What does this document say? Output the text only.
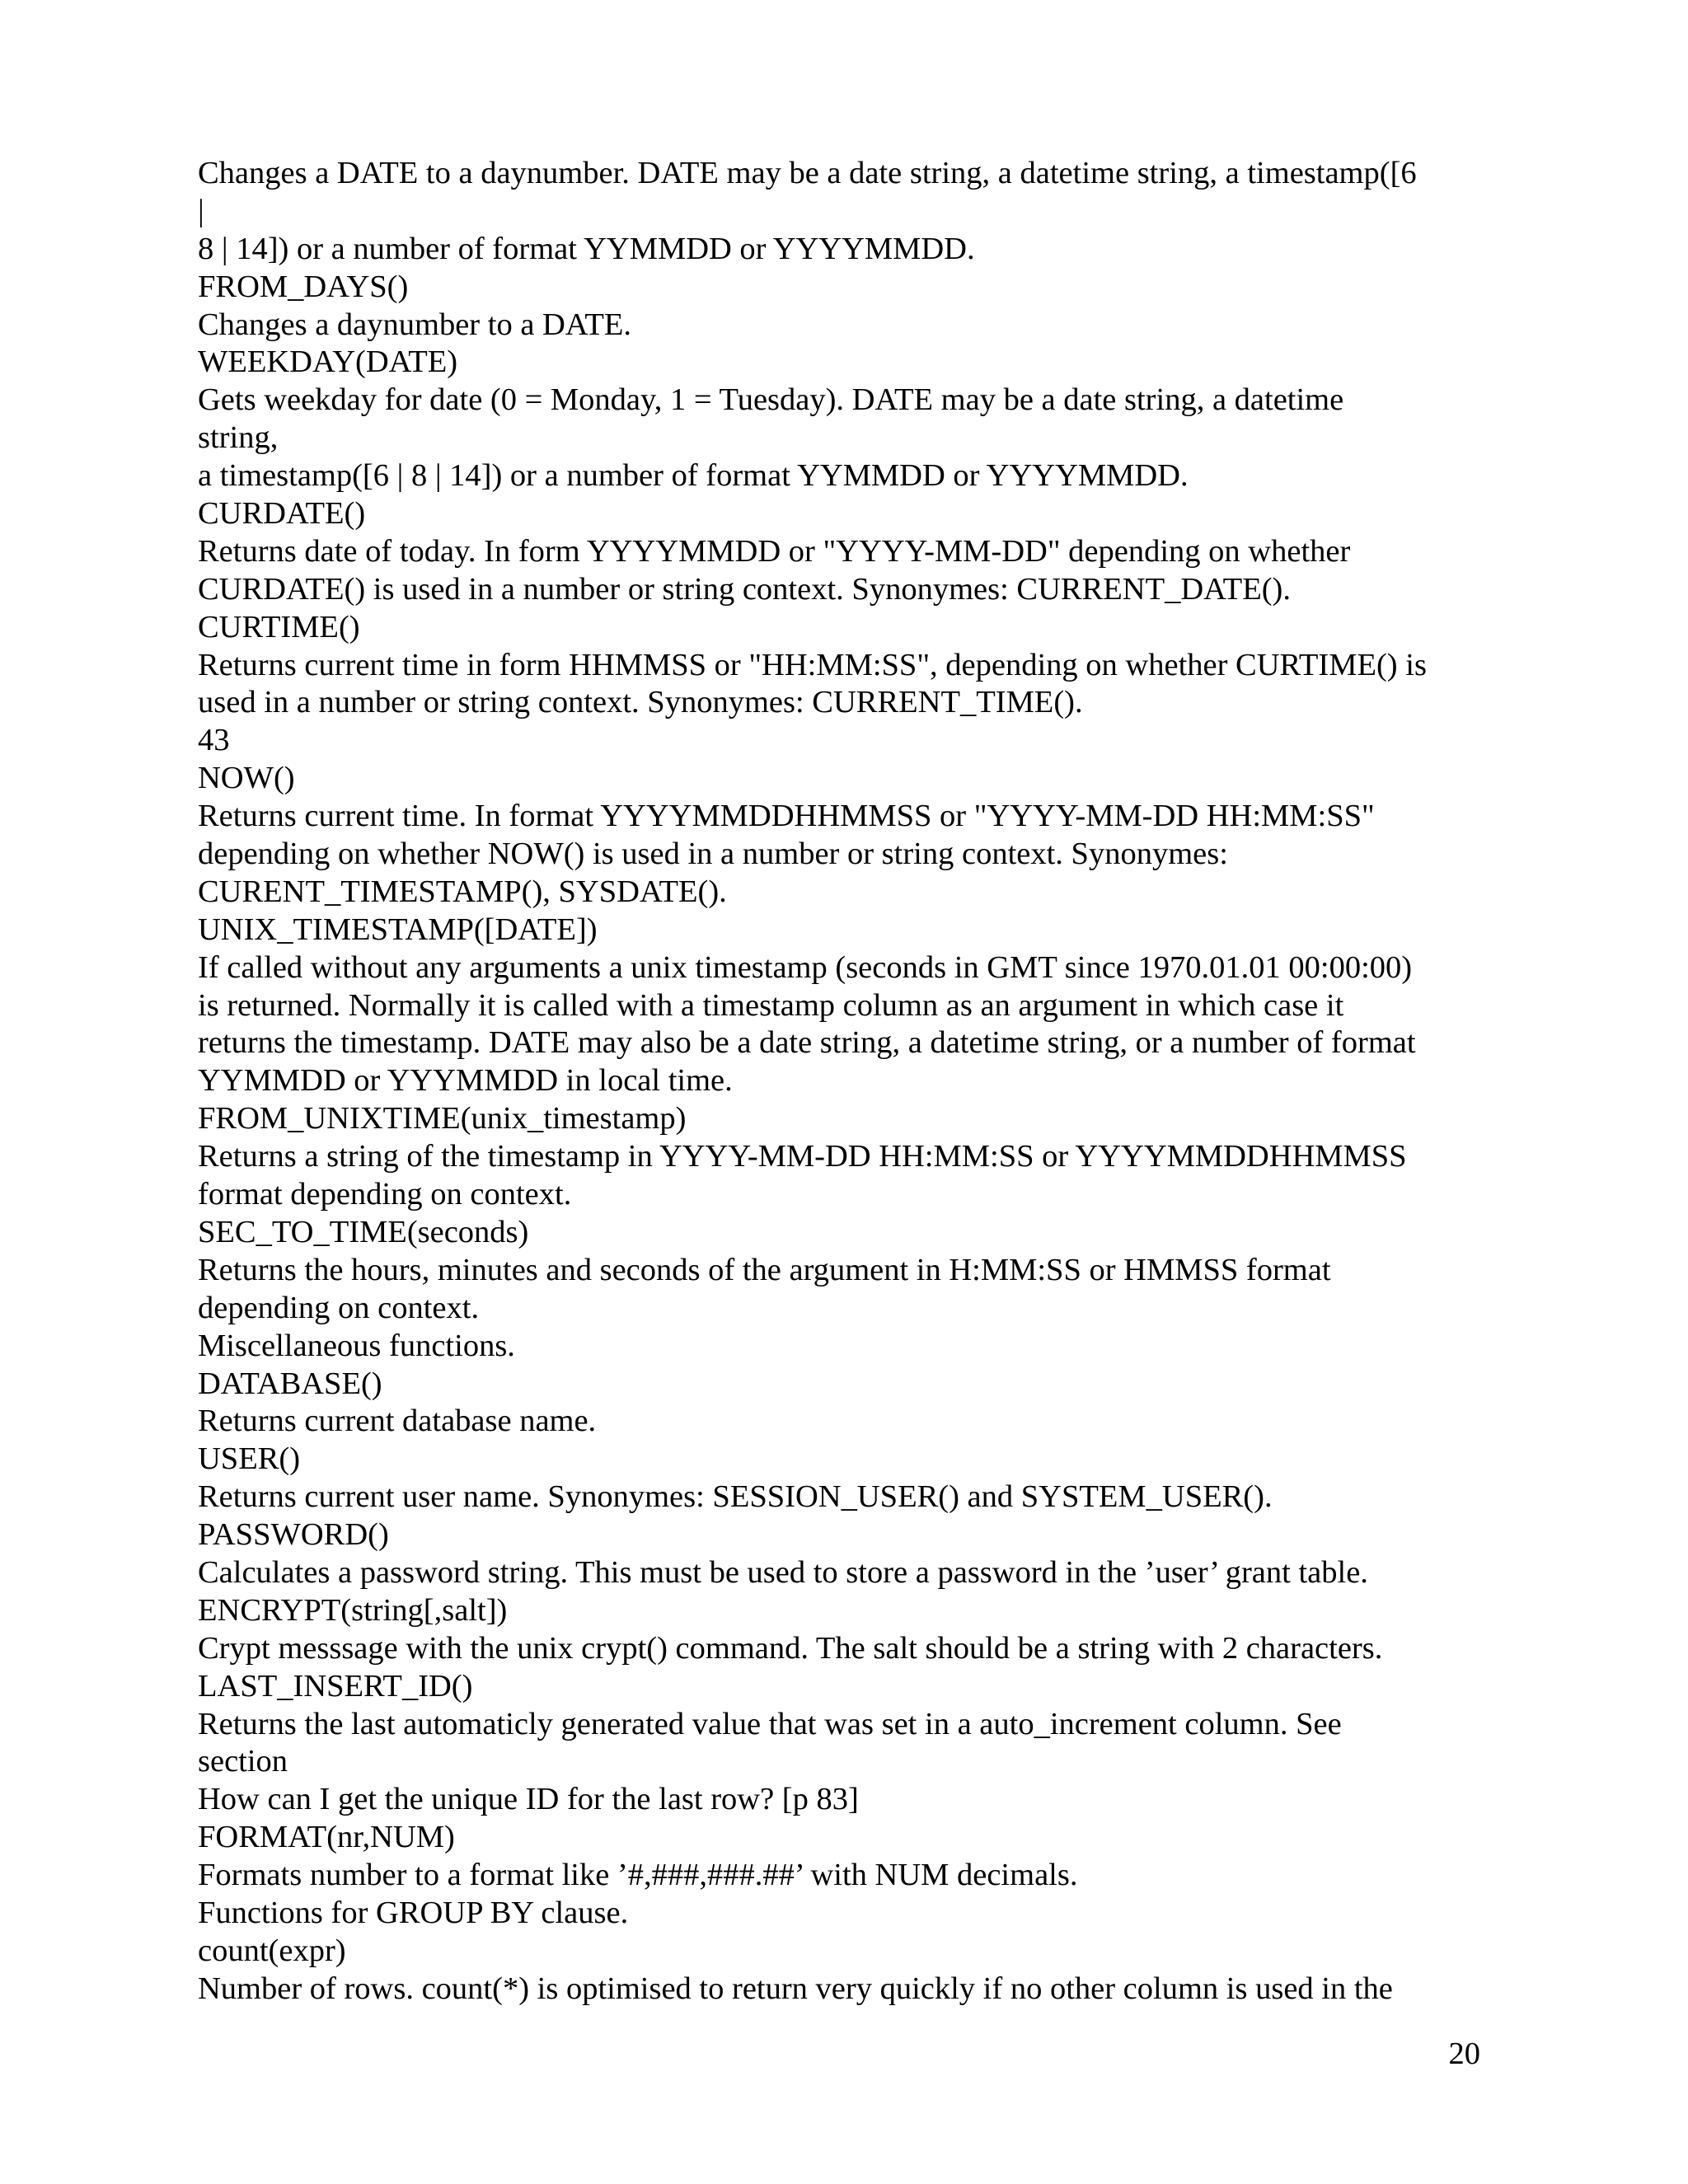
Changes a DATE to a daynumber. DATE may be a date string, a datetime string, a timestamp([6
|
8 | 14]) or a number of format YYMMDD or YYYYMMDD.
FROM_DAYS()
Changes a daynumber to a DATE.
WEEKDAY(DATE)
Gets weekday for date (0 = Monday, 1 = Tuesday). DATE may be a date string, a datetime
string,
a timestamp([6 | 8 | 14]) or a number of format YYMMDD or YYYYMMDD.
CURDATE()
Returns date of today. In form YYYYMMDD or "YYYY-MM-DD" depending on whether
CURDATE() is used in a number or string context. Synonymes: CURRENT_DATE().
CURTIME()
Returns current time in form HHMMSS or "HH:MM:SS", depending on whether CURTIME() is
used in a number or string context. Synonymes: CURRENT_TIME().
43
NOW()
Returns current time. In format YYYYMMDDHHMMSS or "YYYY-MM-DD HH:MM:SS"
depending on whether NOW() is used in a number or string context. Synonymes:
CURENT_TIMESTAMP(), SYSDATE().
UNIX_TIMESTAMP([DATE])
If called without any arguments a unix timestamp (seconds in GMT since 1970.01.01 00:00:00)
is returned. Normally it is called with a timestamp column as an argument in which case it
returns the timestamp. DATE may also be a date string, a datetime string, or a number of format
YYMMDD or YYYMMDD in local time.
FROM_UNIXTIME(unix_timestamp)
Returns a string of the timestamp in YYYY-MM-DD HH:MM:SS or YYYYMMDDHHMMSS
format depending on context.
SEC_TO_TIME(seconds)
Returns the hours, minutes and seconds of the argument in H:MM:SS or HMMSS format
depending on context.
Miscellaneous functions.
DATABASE()
Returns current database name.
USER()
Returns current user name. Synonymes: SESSION_USER() and SYSTEM_USER().
PASSWORD()
Calculates a password string. This must be used to store a password in the ’user’ grant table.
ENCRYPT(string[,salt])
Crypt messsage with the unix crypt() command. The salt should be a string with 2 characters.
LAST_INSERT_ID()
Returns the last automaticly generated value that was set in a auto_increment column. See
section
How can I get the unique ID for the last row? [p 83]
FORMAT(nr,NUM)
Formats number to a format like ’#,###,###.##’ with NUM decimals.
Functions for GROUP BY clause.
count(expr)
Number of rows. count(*) is optimised to return very quickly if no other column is used in the
20
